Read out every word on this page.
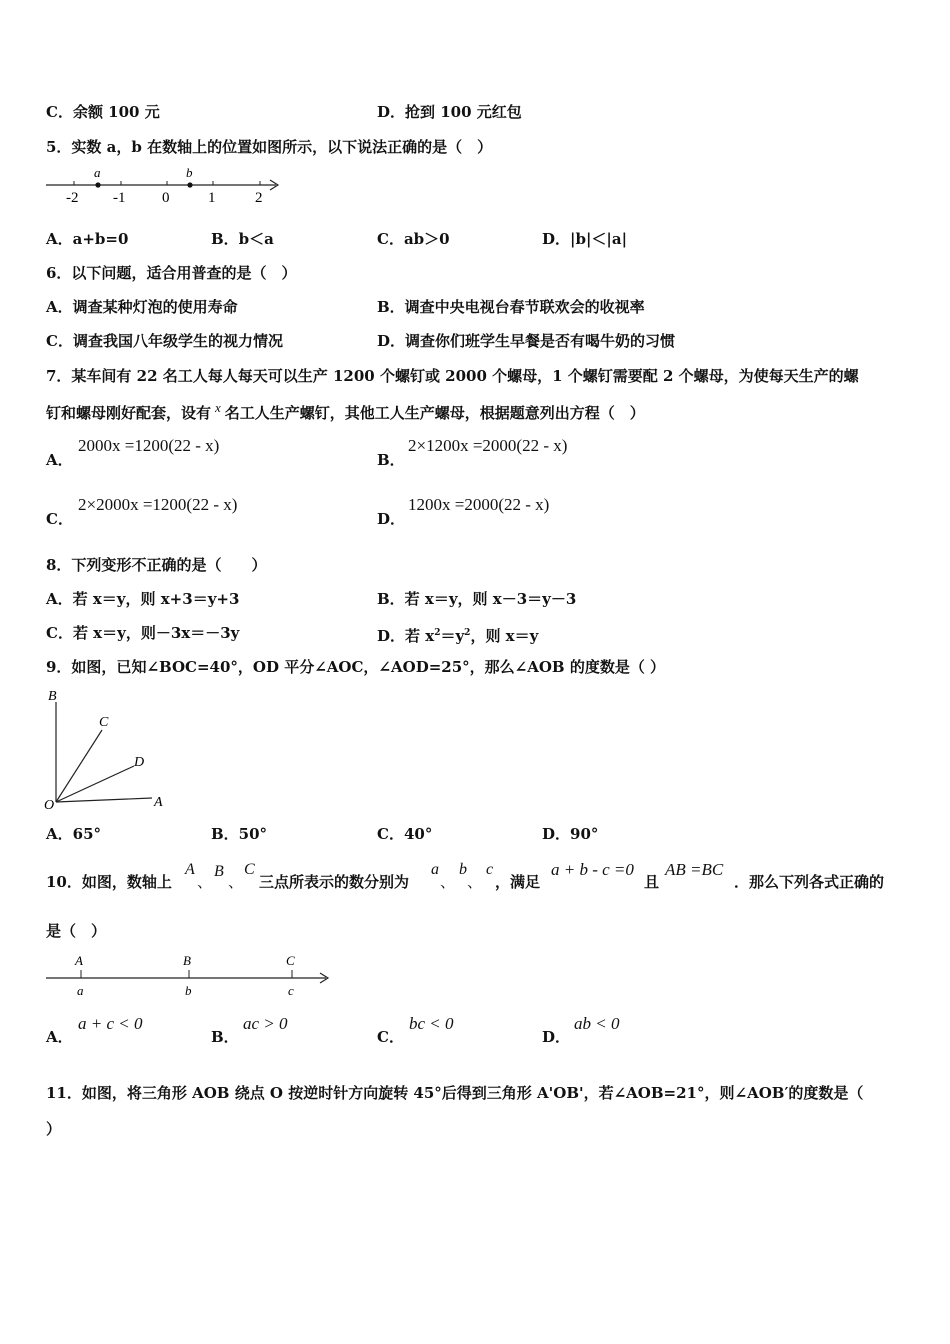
C．余额 100 元	D．抢到 100 元红包
5．实数 a，b 在数轴上的位置如图所示，以下说法正确的是（　）
a	b
-2 -1 0	1	2
A．a+b=0	B．b＜a	C．ab＞0	D．|b|＜|a|
6．以下问题，适合用普查的是（　）
A．调查某种灯泡的使用寿命	B．调查中央电视台春节联欢会的收视率
C．调查我国八年级学生的视力情况	D．调查你们班学生早餐是否有喝牛奶的习惯
7．某车间有 22 名工人每人每天可以生产 1200 个螺钉或 2000 个螺母，1 个螺钉需要配 2 个螺母，为使每天生产的螺
钉和螺母刚好配套，设有 x 名工人生产螺钉，其他工人生产螺母，根据题意列出方程（　）
A．
2000x =1200(22 - x)
B．
2×1200x =2000(22 - x)
C．
2×2000x =1200(22 - x)
D．
1200x =2000(22 - x)
8．下列变形不正确的是（　　）
A．若 x＝y，则 x+3＝y+3	B．若 x＝y，则 x－3＝y－3
C．若 x＝y，则－3x＝－3y	D．若 $x^2=y^2$，则 x＝y
9．如图，已知∠BOC=40°，OD 平分∠AOC，∠AOD=25°，那么∠AOB 的度数是（ ）
B
C
D
O	A
A．65°	B．50°	C．40°	D．90°
10．如图，数轴上
A
、
B
、
C
三点所表示的数分别为
a
、
b
、
c
，满足
a + b - c =0
且
AB =BC
．那么下列各式正确的
是（　）
A	B	C
a	b	c
A．
a + c < 0
B．
ac > 0
C．
bc < 0
D．
ab < 0
11．如图，将三角形 AOB 绕点 O 按逆时针方向旋转 45°后得到三角形 A'OB'，若∠AOB=21°，则∠AOB′的度数是（
）
